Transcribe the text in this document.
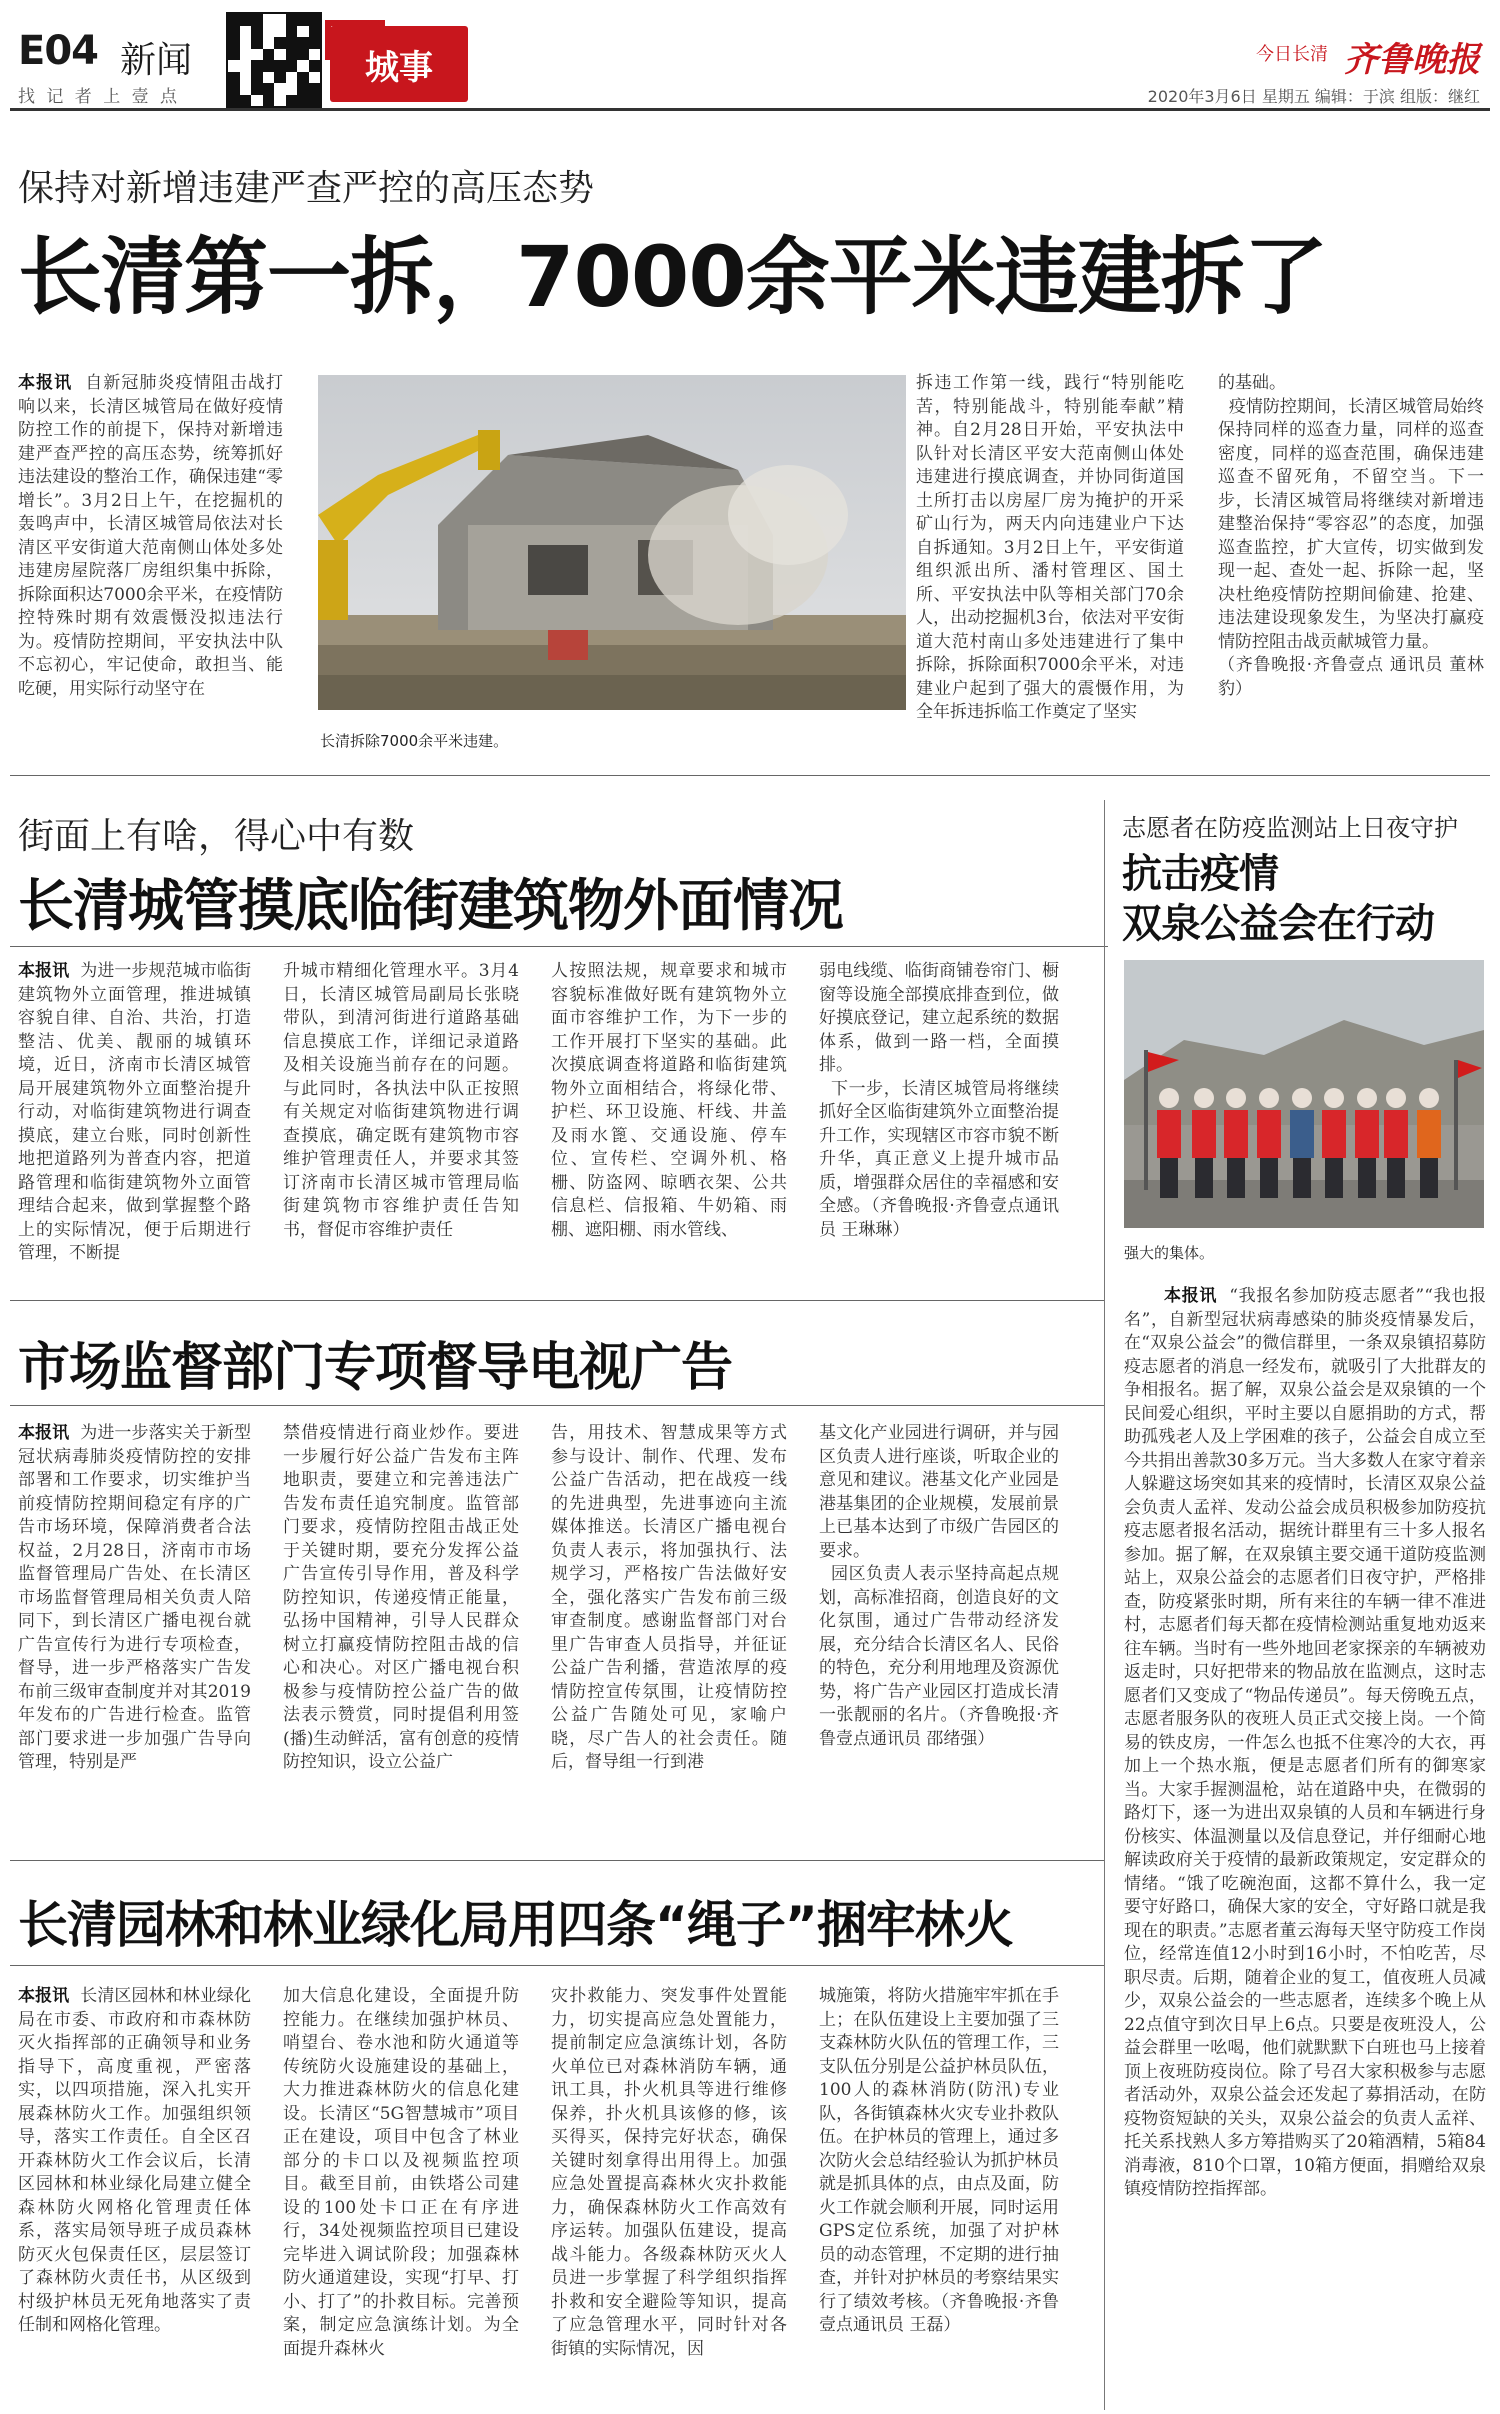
E04 新闻
找 记 者 上 壹 点
城事	今日长清 齐鲁晚报
2020年3月6日 星期五 编辑：于滨 组版：继红
保持对新增违建严查严控的高压态势
长清第一拆，7000余平米违建拆了
本报讯 自新冠肺炎疫情阻击战打响以来，长清区城管局在做好疫情防控工作的前提下，保持对新增违建严查严控的高压态势，统筹抓好违法建设的整治工作，确保违建“零增长”。3月2日上午，在挖掘机的轰鸣声中，长清区城管局依法对长清区平安街道大范南侧山体处多处违建房屋院落厂房组织集中拆除，拆除面积达7000余平米，在疫情防控特殊时期有效震慑没拟违法行为。疫情防控期间，平安执法中队不忘初心，牢记使命，敢担当、能吃硬，用实际行动坚守在
长清拆除7000余平米违建。
拆违工作第一线，践行“特别能吃苦，特别能战斗，特别能奉献”精神。自2月28日开始，平安执法中队针对长清区平安大范南侧山体处违建进行摸底调查，并协同街道国土所打击以房屋厂房为掩护的开采矿山行为，两天内向违建业户下达自拆通知。3月2日上午，平安街道组织派出所、潘村管理区、国土所、平安执法中队等相关部门70余人，出动挖掘机3台，依法对平安街道大范村南山多处违建进行了集中拆除，拆除面积7000余平米，对违建业户起到了强大的震慑作用，为全年拆违拆临工作奠定了坚实
的基础。
疫情防控期间，长清区城管局始终保持同样的巡查力量，同样的巡查密度，同样的巡查范围，确保违建巡查不留死角，不留空当。下一步，长清区城管局将继续对新增违建整治保持“零容忍”的态度，加强巡查监控，扩大宣传，切实做到发现一起、查处一起、拆除一起，坚决杜绝疫情防控期间偷建、抢建、违法建设现象发生，为坚决打赢疫情防控阻击战贡献城管力量。
（齐鲁晚报·齐鲁壹点 通讯员 董林豹）
街面上有啥，得心中有数
长清城管摸底临街建筑物外面情况
本报讯 为进一步规范城市临街建筑物外立面管理，推进城镇容貌自律、自治、共治，打造整洁、优美、靓丽的城镇环境，近日，济南市长清区城管局开展建筑物外立面整治提升行动，对临街建筑物进行调查摸底，建立台账，同时创新性地把道路列为普查内容，把道路管理和临街建筑物外立面管理结合起来，做到掌握整个路上的实际情况，便于后期进行管理，不断提
升城市精细化管理水平。3月4日，长清区城管局副局长张晓带队，到清河街进行道路基础信息摸底工作，详细记录道路及相关设施当前存在的问题。与此同时，各执法中队正按照有关规定对临街建筑物进行调查摸底，确定既有建筑物市容维护管理责任人，并要求其签订济南市长清区城市管理局临街建筑物市容维护责任告知书，督促市容维护责任
人按照法规，规章要求和城市容貌标准做好既有建筑物外立面市容维护工作，为下一步的工作开展打下坚实的基础。此次摸底调查将道路和临街建筑物外立面相结合，将绿化带、护栏、环卫设施、杆线、井盖及雨水篦、交通设施、停车位、宣传栏、空调外机、格栅、防盗网、晾晒衣架、公共信息栏、信报箱、牛奶箱、雨棚、遮阳棚、雨水管线、
弱电线缆、临街商铺卷帘门、橱窗等设施全部摸底排查到位，做好摸底登记，建立起系统的数据体系，做到一路一档，全面摸排。
下一步，长清区城管局将继续抓好全区临街建筑外立面整治提升工作，实现辖区市容市貌不断升华，真正意义上提升城市品质，增强群众居住的幸福感和安全感。（齐鲁晚报·齐鲁壹点通讯员 王琳琳）
志愿者在防疫监测站上日夜守护
抗击疫情
双泉公益会在行动
强大的集体。
本报讯 “我报名参加防疫志愿者”“我也报名”，自新型冠状病毒感染的肺炎疫情暴发后，在“双泉公益会”的微信群里，一条双泉镇招募防疫志愿者的消息一经发布，就吸引了大批群友的争相报名。据了解，双泉公益会是双泉镇的一个民间爱心组织，平时主要以自愿捐助的方式，帮助孤残老人及上学困难的孩子，公益会自成立至今共捐出善款30多万元。当大多数人在家守着亲人躲避这场突如其来的疫情时，长清区双泉公益会负责人孟祥、发动公益会成员积极参加防疫抗疫志愿者报名活动，据统计群里有三十多人报名参加。据了解，在双泉镇主要交通干道防疫监测站上，双泉公益会的志愿者们日夜守护，严格排查，防疫紧张时期，所有来往的车辆一律不准进村，志愿者们每天都在疫情检测站重复地劝返来往车辆。当时有一些外地回老家探亲的车辆被劝返走时，只好把带来的物品放在监测点，这时志愿者们又变成了“物品传递员”。每天傍晚五点，志愿者服务队的夜班人员正式交接上岗。一个简易的铁皮房，一件怎么也抵不住寒冷的大衣，再加上一个热水瓶，便是志愿者们所有的御寒家当。大家手握测温枪，站在道路中央，在微弱的路灯下，逐一为进出双泉镇的人员和车辆进行身份核实、体温测量以及信息登记，并仔细耐心地解读政府关于疫情的最新政策规定，安定群众的情绪。“饿了吃碗泡面，这都不算什么，我一定要守好路口，确保大家的安全，守好路口就是我现在的职责。”志愿者董云海每天坚守防疫工作岗位，经常连值12小时到16小时，不怕吃苦，尽职尽责。后期，随着企业的复工，值夜班人员减少，双泉公益会的一些志愿者，连续多个晚上从22点值守到次日早上6点。只要是夜班没人，公益会群里一吆喝，他们就默默下白班也马上接着顶上夜班防疫岗位。除了号召大家积极参与志愿者活动外，双泉公益会还发起了募捐活动，在防疫物资短缺的关头，双泉公益会的负责人孟祥、托关系找熟人多方筹措购买了20箱酒精，5箱84消毒液，810个口罩，10箱方便面，捐赠给双泉镇疫情防控指挥部。
市场监督部门专项督导电视广告
本报讯 为进一步落实关于新型冠状病毒肺炎疫情防控的安排部署和工作要求，切实维护当前疫情防控期间稳定有序的广告市场环境，保障消费者合法权益，2月28日，济南市市场监督管理局广告处、在长清区市场监督管理局相关负责人陪同下，到长清区广播电视台就广告宣传行为进行专项检查，督导，进一步严格落实广告发布前三级审查制度并对其2019年发布的广告进行检查。监管部门要求进一步加强广告导向管理，特别是严
禁借疫情进行商业炒作。要进一步履行好公益广告发布主阵地职责，要建立和完善违法广告发布责任追究制度。监管部门要求，疫情防控阻击战正处于关键时期，要充分发挥公益广告宣传引导作用，普及科学防控知识，传递疫情正能量，弘扬中国精神，引导人民群众树立打赢疫情防控阻击战的信心和决心。对区广播电视台积极参与疫情防控公益广告的做法表示赞赏，同时提倡利用签(播)生动鲜活，富有创意的疫情防控知识，设立公益广
告，用技术、智慧成果等方式参与设计、制作、代理、发布公益广告活动，把在战疫一线的先进典型，先进事迹向主流媒体推送。长清区广播电视台负责人表示，将加强执行、法规学习，严格按广告法做好安全，强化落实广告发布前三级审查制度。感谢监督部门对台里广告审查人员指导，并征证公益广告利播，营造浓厚的疫情防控宣传氛围，让疫情防控公益广告随处可见，家喻户晓，尽广告人的社会责任。随后，督导组一行到港
基文化产业园进行调研，并与园区负责人进行座谈，听取企业的意见和建议。港基文化产业园是港基集团的企业规模，发展前景上已基本达到了市级广告园区的要求。
园区负责人表示坚持高起点规划，高标准招商，创造良好的文化氛围，通过广告带动经济发展，充分结合长清区名人、民俗的特色，充分利用地理及资源优势，将广告产业园区打造成长清一张靓丽的名片。（齐鲁晚报·齐鲁壹点通讯员 邵绪强）
长清园林和林业绿化局用四条“绳子”捆牢林火
本报讯 长清区园林和林业绿化局在市委、市政府和市森林防灭火指挥部的正确领导和业务指导下，高度重视，严密落实，以四项措施，深入扎实开展森林防火工作。加强组织领导，落实工作责任。自全区召开森林防火工作会议后，长清区园林和林业绿化局建立健全森林防火网格化管理责任体系，落实局领导班子成员森林防灭火包保责任区，层层签订了森林防火责任书，从区级到村级护林员无死角地落实了责任制和网格化管理。
加大信息化建设，全面提升防控能力。在继续加强护林员、哨望台、卷水池和防火通道等传统防火设施建设的基础上，大力推进森林防火的信息化建设。长清区“5G智慧城市”项目正在建设，项目中包含了林业部分的卡口以及视频监控项目。截至目前，由铁塔公司建设的100处卡口正在有序进行，34处视频监控项目已建设完毕进入调试阶段；加强森林防火通道建设，实现“打早、打小、打了”的扑救目标。完善预案，制定应急演练计划。为全面提升森林火
灾扑救能力、突发事件处置能力，切实提高应急处置能力，提前制定应急演练计划，各防火单位已对森林消防车辆，通讯工具，扑火机具等进行维修保养，扑火机具该修的修，该买得买，保持完好状态，确保关键时刻拿得出用得上。加强应急处置提高森林火灾扑救能力，确保森林防火工作高效有序运转。加强队伍建设，提高战斗能力。各级森林防灭火人员进一步掌握了科学组织指挥扑救和安全避险等知识，提高了应急管理水平，同时针对各街镇的实际情况，因
城施策，将防火措施牢牢抓在手上；在队伍建设上主要加强了三支森林防火队伍的管理工作，三支队伍分别是公益护林员队伍，100人的森林消防(防汛)专业队，各街镇森林火灾专业扑救队伍。在护林员的管理上，通过多次防火会总结经验认为抓护林员就是抓具体的点，由点及面，防火工作就会顺利开展，同时运用GPS定位系统，加强了对护林员的动态管理，不定期的进行抽查，并针对护林员的考察结果实行了绩效考核。（齐鲁晚报·齐鲁壹点通讯员 王磊）
